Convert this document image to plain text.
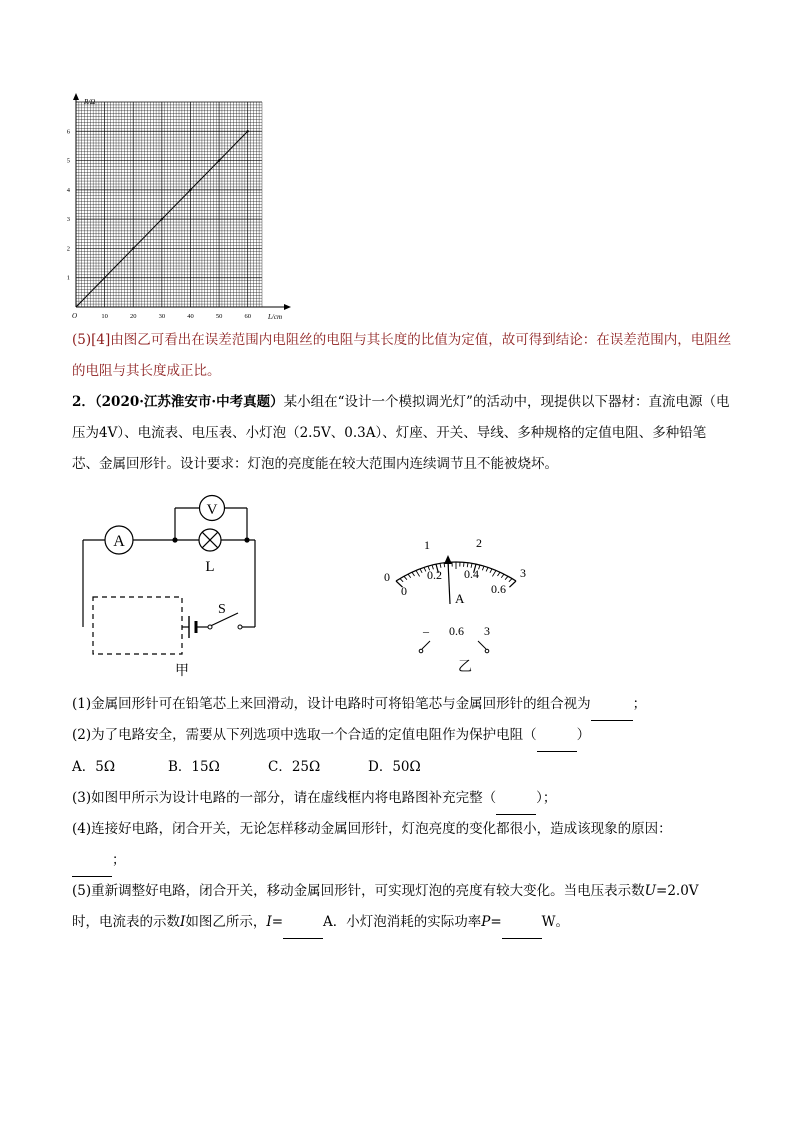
R/Ω
L/cm
O	10	20	30	40	50	60
1
2
3
4
5
6
(5)[4]由图乙可看出在误差范围内电阻丝的电阻与其长度的比值为定值，故可得到结论：在误差范围内，电阻丝的电阻与其长度成正比。
2．（2020·江苏淮安市·中考真题）某小组在“设计一个模拟调光灯”的活动中，现提供以下器材：直流电源（电压为4V）、电流表、电压表、小灯泡（2.5V、0.3A）、灯座、开关、导线、多种规格的定值电阻、多种铅笔芯、金属回形针。设计要求：灯泡的亮度能在较大范围内连续调节且不能被烧坏。
A
V
L
S
甲
0
1	2
3
0
0.2 0.4
0.6
A
– 0.6 3
乙
(1)金属回形针可在铅笔芯上来回滑动，设计电路时可将铅笔芯与金属回形针的组合视为	；
(2)为了电路安全，需要从下列选项中选取一个合适的定值电阻作为保护电阻（	）
A．5Ω	B．15Ω	C．25Ω	D．50Ω
(3)如图甲所示为设计电路的一部分，请在虚线框内将电路图补充完整（	）；
(4)连接好电路，闭合开关，无论怎样移动金属回形针，灯泡亮度的变化都很小，造成该现象的原因：
；
(5)重新调整好电路，闭合开关，移动金属回形针，可实现灯泡的亮度有较大变化。当电压表示数U=2.0V
时，电流表的示数I如图乙所示，I=	A．小灯泡消耗的实际功率P=	W。
